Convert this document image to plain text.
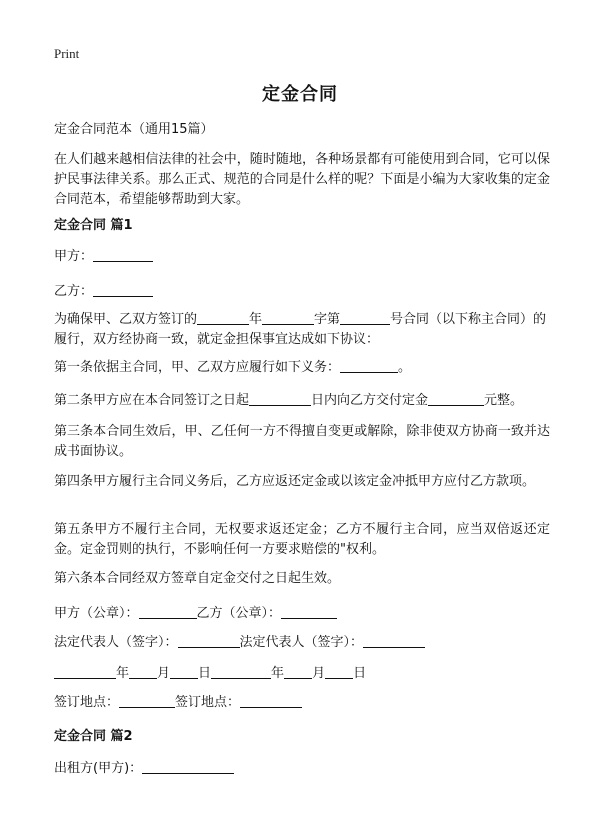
Print
定金合同
定金合同范本（通用15篇）
在人们越来越相信法律的社会中，随时随地，各种场景都有可能使用到合同，它可以保护民事法律关系。那么正式、规范的合同是什么样的呢？下面是小编为大家收集的定金合同范本，希望能够帮助到大家。
定金合同 篇1
甲方：
乙方：
为确保甲、乙双方签订的	年	字第	号合同（以下称主合同）的履行，双方经协商一致，就定金担保事宜达成如下协议：
第一条依据主合同，甲、乙双方应履行如下义务：	。
第二条甲方应在本合同签订之日起	日内向乙方交付定金	元整。
第三条本合同生效后，甲、乙任何一方不得擅自变更或解除，除非使双方协商一致并达成书面协议。
第四条甲方履行主合同义务后，乙方应返还定金或以该定金冲抵甲方应付乙方款项。
第五条甲方不履行主合同，无权要求返还定金；乙方不履行主合同，应当双倍返还定金。定金罚则的执行，不影响任何一方要求赔偿的"权利。
第六条本合同经双方签章自定金交付之日起生效。
甲方（公章）：	乙方（公章）：
法定代表人（签字）：	法定代表人（签字）：
年 月 日	年 月 日
签订地点：	签订地点：
定金合同 篇2
出租方(甲方)：
